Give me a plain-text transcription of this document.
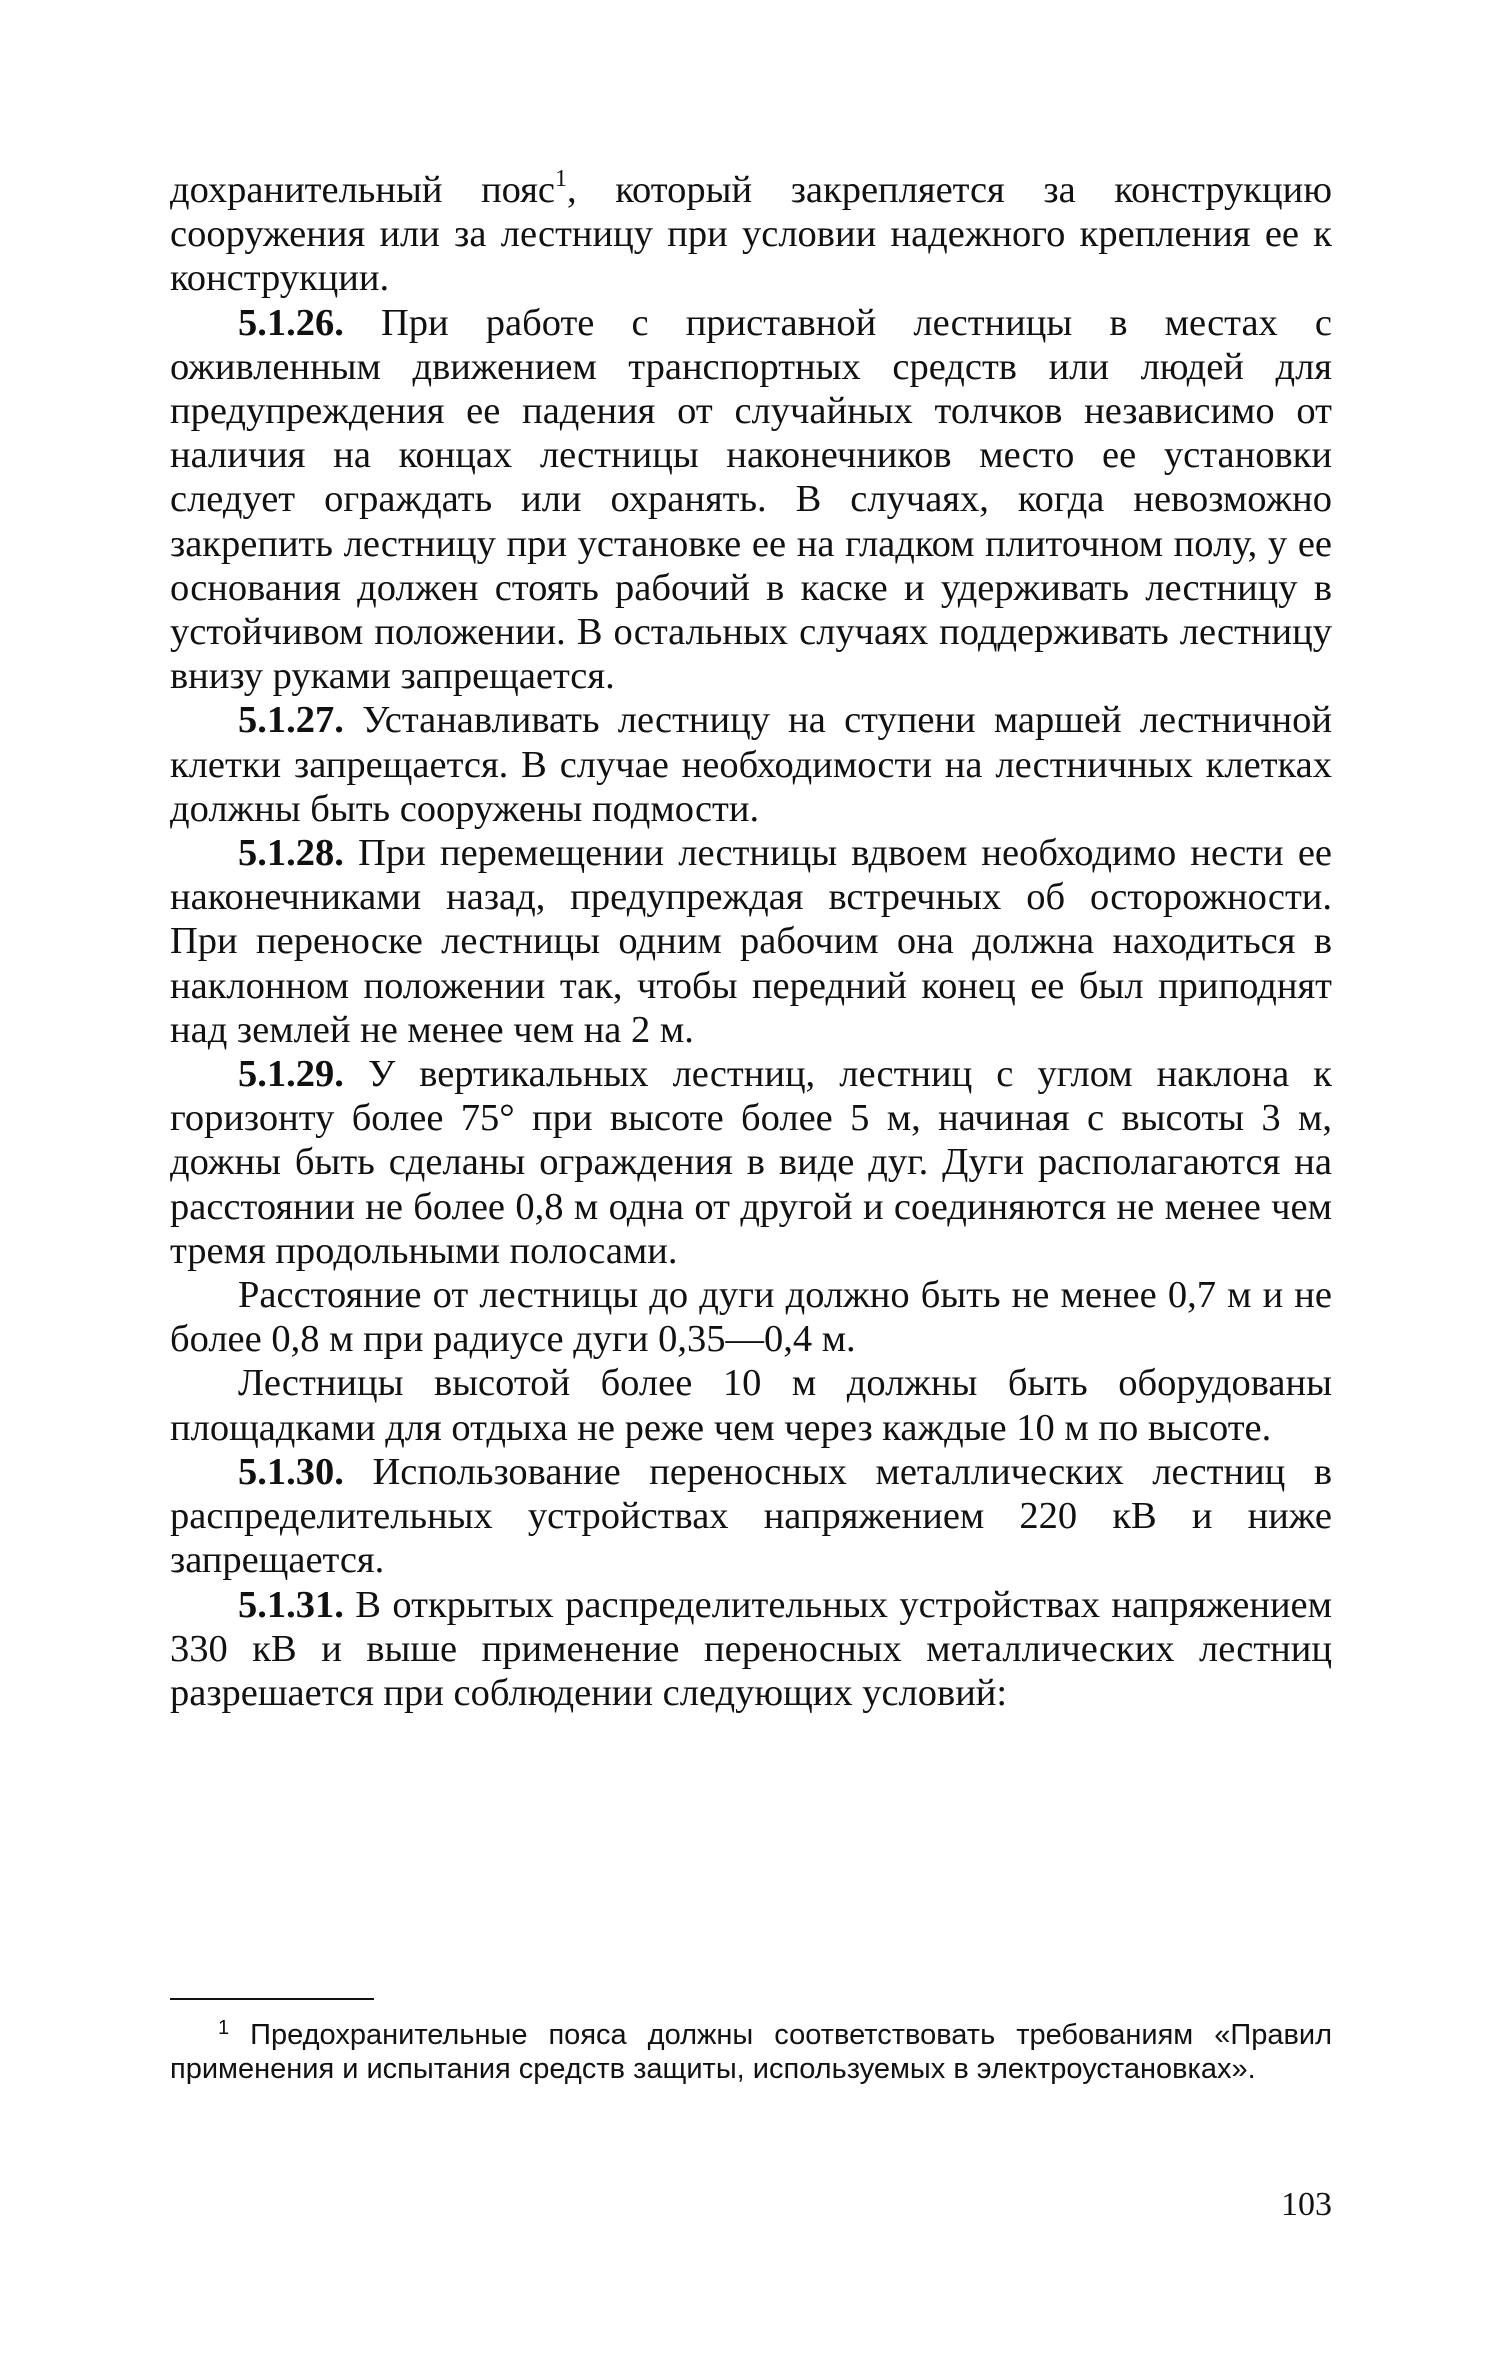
дохранительный пояс$^1$, который закрепляется за конструкцию сооружения или за лестницу при условии надежного крепления ее к конструкции.

5.1.26. При работе с приставной лестницы в местах с оживленным движением транспортных средств или людей для предупреждения ее падения от случайных толчков независимо от наличия на концах лестницы наконечников место ее установки следует ограждать или охранять. В случаях, когда невозможно закрепить лестницу при установке ее на гладком плиточном полу, у ее основания должен стоять рабочий в каске и удерживать лестницу в устойчивом положении. В остальных случаях поддерживать лестницу внизу руками запрещается.

5.1.27. Устанавливать лестницу на ступени маршей лестничной клетки запрещается. В случае необходимости на лестничных клетках должны быть сооружены подмости.

5.1.28. При перемещении лестницы вдвоем необходимо нести ее наконечниками назад, предупреждая встречных об осторожности. При переноске лестницы одним рабочим она должна находиться в наклонном положении так, чтобы передний конец ее был приподнят над землей не менее чем на 2 м.

5.1.29. У вертикальных лестниц, лестниц с углом наклона к горизонту более 75° при высоте более 5 м, начиная с высоты 3 м, дожны быть сделаны ограждения в виде дуг. Дуги располагаются на расстоянии не более 0,8 м одна от другой и соединяются не менее чем тремя продольными полосами.

Расстояние от лестницы до дуги должно быть не менее 0,7 м и не более 0,8 м при радиусе дуги 0,35—0,4 м.

Лестницы высотой более 10 м должны быть оборудованы площадками для отдыха не реже чем через каждые 10 м по высоте.

5.1.30. Использование переносных металлических лестниц в распределительных устройствах напряжением 220 кВ и ниже запрещается.

5.1.31. В открытых распределительных устройствах напряжением 330 кВ и выше применение переносных металлических лестниц разрешается при соблюдении следующих условий:

$^1$ Предохранительные пояса должны соответствовать требованиям «Правил применения и испытания средств защиты, используемых в электроустановках».

103
